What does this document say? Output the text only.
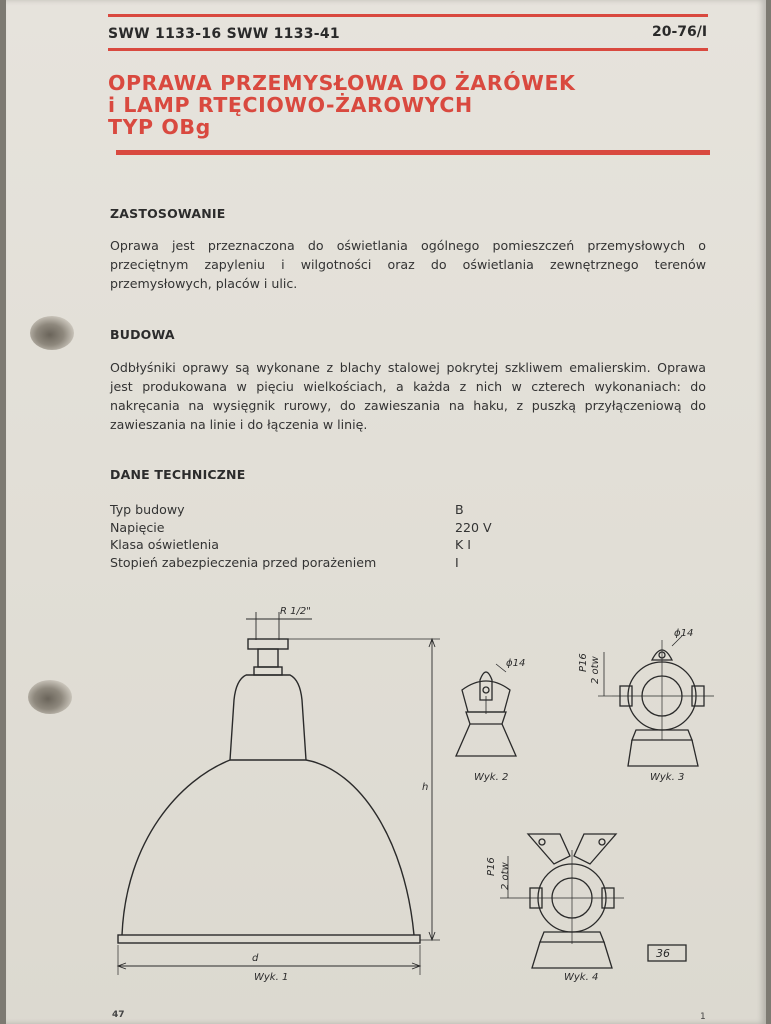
SWW 1133-16 SWW 1133-41	20-76/I
OPRAWA PRZEMYSŁOWA DO ŻARÓWEK
i LAMP RTĘCIOWO-ŻAROWYCH
TYP OBg
ZASTOSOWANIE

Oprawa jest przeznaczona do oświetlania ogólnego pomieszczeń przemysłowych o przeciętnym zapyleniu i wilgotności oraz do oświetlania zewnętrznego terenów przemysłowych, placów i ulic.

BUDOWA

Odbłyśniki oprawy są wykonane z blachy stalowej pokrytej szkliwem emalierskim. Oprawa jest produkowana w pięciu wielkościach, a każda z nich w czterech wykonaniach: do nakręcania na wysięgnik rurowy, do zawieszania na haku, z puszką przyłączeniową do zawieszania na linie i do łączenia w linię.

DANE TECHNICZNE
Typ budowy	B
Napięcie	220 V
Klasa oświetlenia	K I
Stopień zabezpieczenia przed porażeniem	I
R 1/2"
h
d
Wyk. 1
ϕ14
Wyk. 2
ϕ14
P16 2 otw
Wyk. 3
P16 2 otw
Wyk. 4
36
47	1
